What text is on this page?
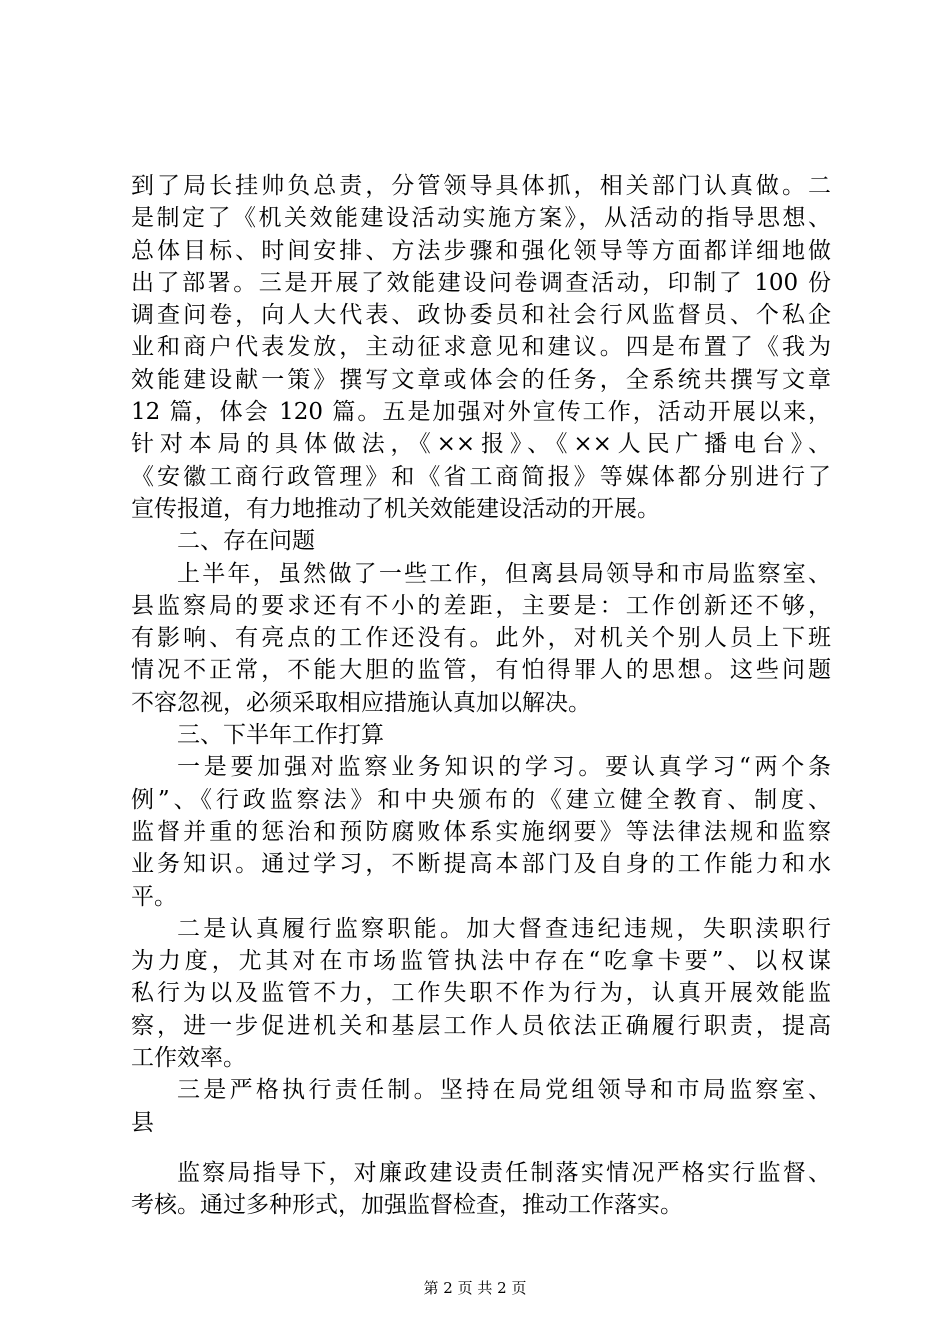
到了局长挂帅负总责，分管领导具体抓，相关部门认真做。二
是制定了《机关效能建设活动实施方案》，从活动的指导思想、
总体目标、时间安排、方法步骤和强化领导等方面都详细地做
出了部署。三是开展了效能建设问卷调查活动，印制了 100 份
调查问卷，向人大代表、政协委员和社会行风监督员、个私企
业和商户代表发放，主动征求意见和建议。四是布置了《我为
效能建设献一策》撰写文章或体会的任务，全系统共撰写文章
12 篇，体会 120 篇。五是加强对外宣传工作，活动开展以来，
针对本局的具体做法，《××报》、《××人民广播电台》、
《安徽工商行政管理》和《省工商简报》等媒体都分别进行了
宣传报道，有力地推动了机关效能建设活动的开展。
二、存在问题
上半年，虽然做了一些工作，但离县局领导和市局监察室、
县监察局的要求还有不小的差距，主要是：工作创新还不够，
有影响、有亮点的工作还没有。此外，对机关个别人员上下班
情况不正常，不能大胆的监管，有怕得罪人的思想。这些问题
不容忽视，必须采取相应措施认真加以解决。
三、下半年工作打算
一是要加强对监察业务知识的学习。要认真学习“两个条
例”、《行政监察法》和中央颁布的《建立健全教育、制度、
监督并重的惩治和预防腐败体系实施纲要》等法律法规和监察
业务知识。通过学习，不断提高本部门及自身的工作能力和水
平。
二是认真履行监察职能。加大督查违纪违规，失职渎职行
为力度，尤其对在市场监管执法中存在“吃拿卡要”、以权谋
私行为以及监管不力，工作失职不作为行为，认真开展效能监
察，进一步促进机关和基层工作人员依法正确履行职责，提高
工作效率。
三是严格执行责任制。坚持在局党组领导和市局监察室、
县
监察局指导下，对廉政建设责任制落实情况严格实行监督、
考核。通过多种形式，加强监督检查，推动工作落实。
第 2 页 共 2 页
